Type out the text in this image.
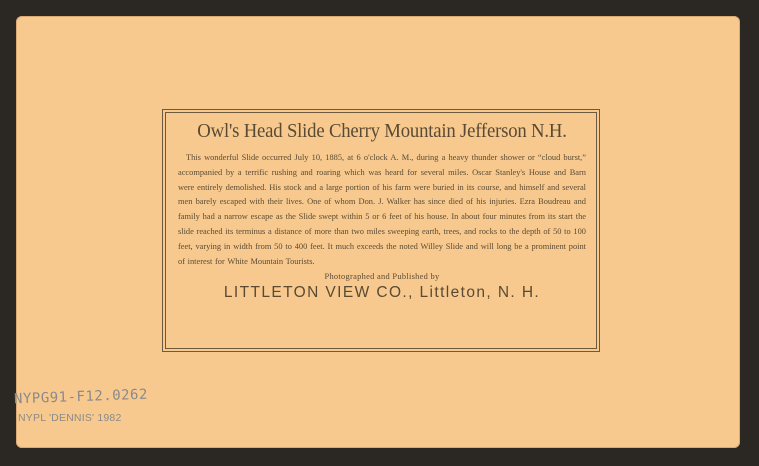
Owl's Head Slide Cherry Mountain Jefferson N.H.

This wonderful Slide occurred July 10, 1885, at 6 o'clock A. M., during a heavy thunder shower or “cloud burst,” accompanied by a terrific rushing and roaring which was heard for several miles. Oscar Stanley's House and Barn were entirely demolished. His stock and a large portion of his farm were buried in its course, and himself and several men barely escaped with their lives. One of whom Don. J. Walker has since died of his injuries. Ezra Boudreau and family had a narrow escape as the Slide swept within 5 or 6 feet of his house. In about four minutes from its start the slide reached its terminus a distance of more than two miles sweeping earth, trees, and rocks to the depth of 50 to 100 feet, varying in width from 50 to 400 feet. It much exceeds the noted Willey Slide and will long be a prominent point of interest for White Mountain Tourists.

Photographed and Published by
LITTLETON VIEW CO., Littleton, N. H.
NYPG91-F12.0262
NYPL 'DENNIS' 1982
